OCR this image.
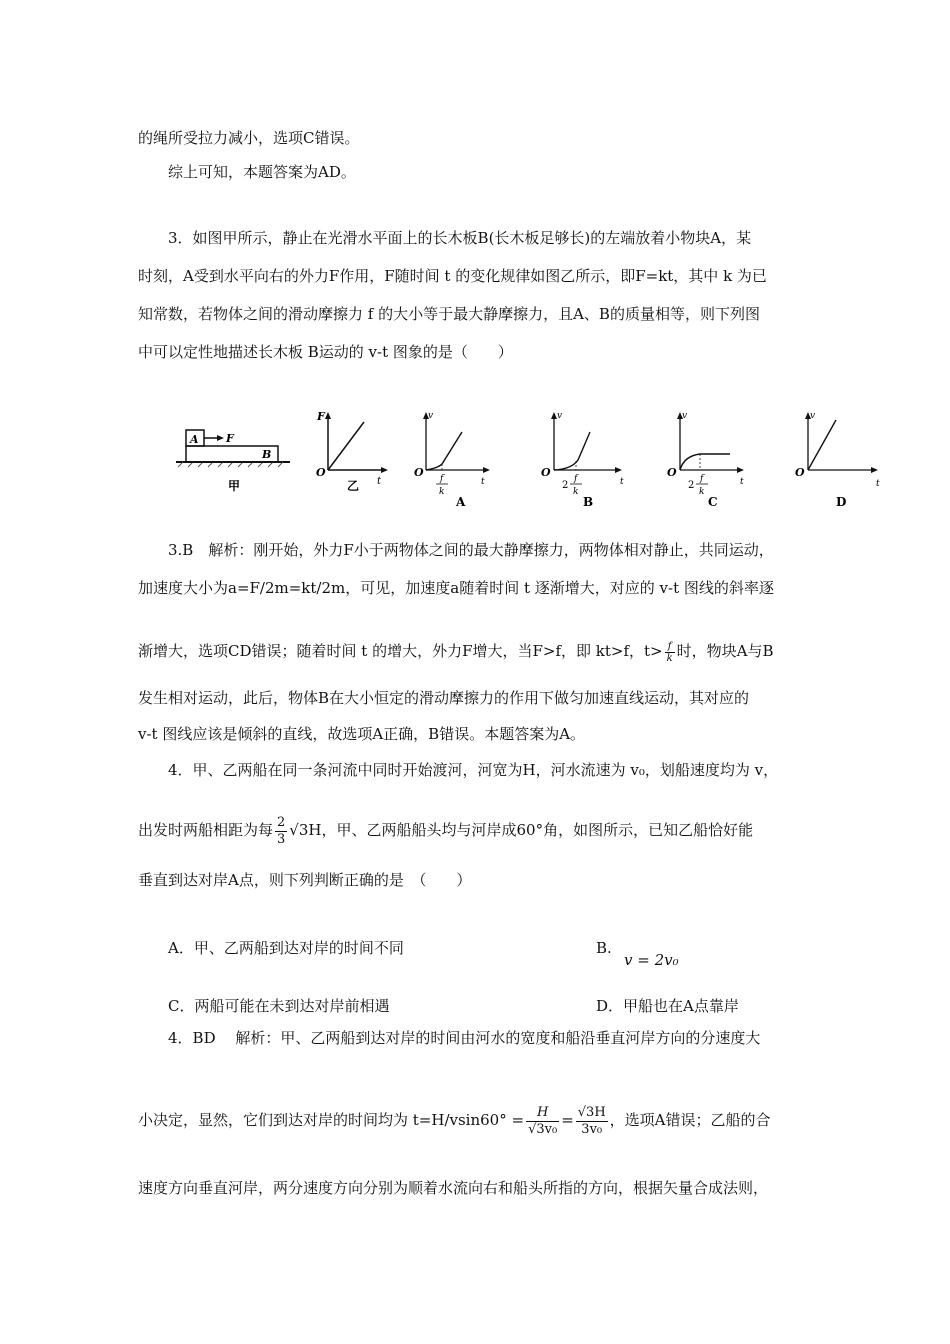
的绳所受拉力减小，选项C错误。
综上可知，本题答案为AD。
3．如图甲所示，静止在光滑水平面上的长木板B(长木板足够长)的左端放着小物块A，某
时刻，A受到水平向右的外力F作用，F随时间 t 的变化规律如图乙所示，即F=kt，其中 k 为已
知常数，若物体之间的滑动摩擦力 f 的大小等于最大静摩擦力，且A、B的质量相等，则下列图
中可以定性地描述长木板 B运动的 v-t 图象的是（　　）
A F
B
甲
F
O
t
乙
v
O
t
f
k
A
v
O
t
2
f
k
B
v
O
t
2
f
k
C
v
O
t
D
3.B　解析：刚开始，外力F小于两物体之间的最大静摩擦力，两物体相对静止，共同运动，
加速度大小为a=F/2m=kt/2m，可见，加速度a随着时间 t 逐渐增大，对应的 v-t 图线的斜率逐
渐增大，选项CD错误；随着时间 t 的增大，外力F增大，当F>f，即 kt>f，$t> \frac{f}{k}$ 时，物块A与B
发生相对运动，此后，物体B在大小恒定的滑动摩擦力的作用下做匀加速直线运动，其对应的
v-t 图线应该是倾斜的直线，故选项A正确，B错误。本题答案为A。
4．甲、乙两船在同一条河流中同时开始渡河，河宽为H，河水流速为 v₀，划船速度均为 v，
出发时两船相距为每 $\frac{2}{3} √3H$，甲、乙两船船头均与河岸成60°角，如图所示，已知乙船恰好能
垂直到达对岸A点，则下列判断正确的是　（　　）
A．甲、乙两船到达对岸的时间不同	B.
v = 2v₀
C．两船可能在未到达对岸前相遇	D．甲船也在A点靠岸
4．BD　 解析：甲、乙两船到达对岸的时间由河水的宽度和船沿垂直河岸方向的分速度大
小决定，显然，它们到达对岸的时间均为 $t=H/vsin60^\circ = \frac{H}{\text{√3v₀}} = \frac{√3H}{\text{3v₀}}$ ，选项A错误；乙船的合
速度方向垂直河岸，两分速度方向分别为顺着水流向右和船头所指的方向，根据矢量合成法则，
